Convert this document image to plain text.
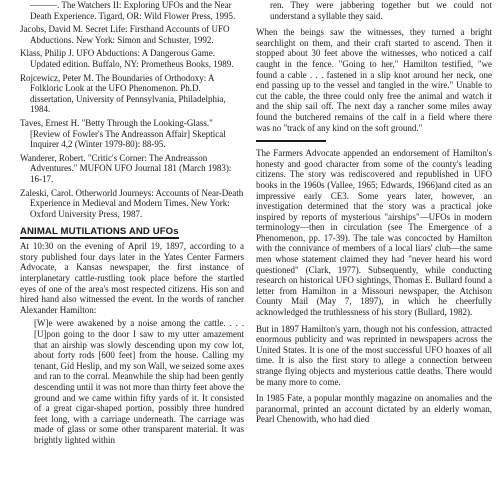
———. The Watchers II: Exploring UFOs and the Near Death Experience. Tigard, OR: Wild Flower Press, 1995.

Jacobs, David M. Secret Life: Firsthand Accounts of UFO Abductions. New York: Simon and Schuster, 1992.

Klass, Philip J. UFO Abductions: A Dangerous Game. Updated edition. Buffalo, NY: Prometheus Books, 1989.

Rojcewicz, Peter M. The Boundaries of Orthodoxy: A Folkloric Look at the UFO Phenomenon. Ph.D. dissertation, University of Pennsylvania, Philadelphia, 1984.

Taves, Ernest H. "Betty Through the Looking-Glass." [Review of Fowler's The Andreasson Affair] Skeptical Inquirer 4,2 (Winter 1979-80): 88-95.

Wanderer, Robert. "Critic's Corner: The Andreasson Adventures." MUFON UFO Journal 181 (March 1983): 16-17.

Zaleski, Carol. Otherworld Journeys: Accounts of Near-Death Experience in Medieval and Modern Times. New York: Oxford University Press, 1987.

ANIMAL MUTILATIONS AND UFOs

At 10:30 on the evening of April 19, 1897, according to a story published four days later in the Yates Center Farmers Advocate, a Kansas newspaper, the first instance of interplanetary cattle-rustling took place before the startled eyes of one of the area's most respected citizens. His son and hired hand also witnessed the event. In the words of rancher Alexander Hamilton:

[W]e were awakened by a noise among the cattle. . . . [U]pon going to the door I saw to my utter amazement that an airship was slowly descending upon my cow lot, about forty rods [600 feet] from the house. Calling my tenant, Gid Heslip, and my son Wall, we seized some axes and ran to the corral. Meanwhile the ship had been gently descending until it was not more than thirty feet above the ground and we came within fifty yards of it. It consisted of a great cigar-shaped portion, possibly three hundred feet long, with a carriage underneath. The carriage was made of glass or some other transparent material. It was brightly lighted within

ren. They were jabbering together but we could not understand a syllable they said.

When the beings saw the witnesses, they turned a bright searchlight on them, and their craft started to ascend. Then it stopped about 30 feet above the witnesses, who noticed a calf caught in the fence. "Going to her," Hamilton testified, "we found a cable . . . fastened in a slip knot around her neck, one end passing up to the vessel and tangled in the wire." Unable to cut the cable, the three could only free the animal and watch it and the ship sail off. The next day a rancher some miles away found the butchered remains of the calf in a field where there was no "track of any kind on the soft ground."

The Farmers Advocate appended an endorsement of Hamilton's honesty and good character from some of the county's leading citizens. The story was rediscovered and republished in UFO books in the 1960s (Vallee, 1965; Edwards, 1966)and cited as an impressive early CE3. Some years later, however, an investigation determined that the story was a practical joke inspired by reports of mysterious "airships"—UFOs in modern terminology—then in circulation (see The Emergence of a Phenomenon, pp. 17-39). The tale was concocted by Hamilton with the connivance of members of a local liars' club—the same men whose statement claimed they had "never heard his word questioned" (Clark, 1977). Subsequently, while conducting research on historical UFO sightings, Thomas E. Bullard found a letter from Hamilton in a Missouri newspaper, the Atchison County Mail (May 7, 1897), in which he cheerfully acknowledged the truthlessness of his story (Bullard, 1982).

But in 1897 Hamilton's yarn, though not his confession, attracted enormous publicity and was reprinted in newspapers across the United States. It is one of the most successful UFO hoaxes of all time. It is also the first story to allege a connection between strange flying objects and mysterious cattle deaths. There would be many more to come.

In 1985 Fate, a popular monthly magazine on anomalies and the paranormal, printed an account dictated by an elderly woman, Pearl Chenowith, who had died
